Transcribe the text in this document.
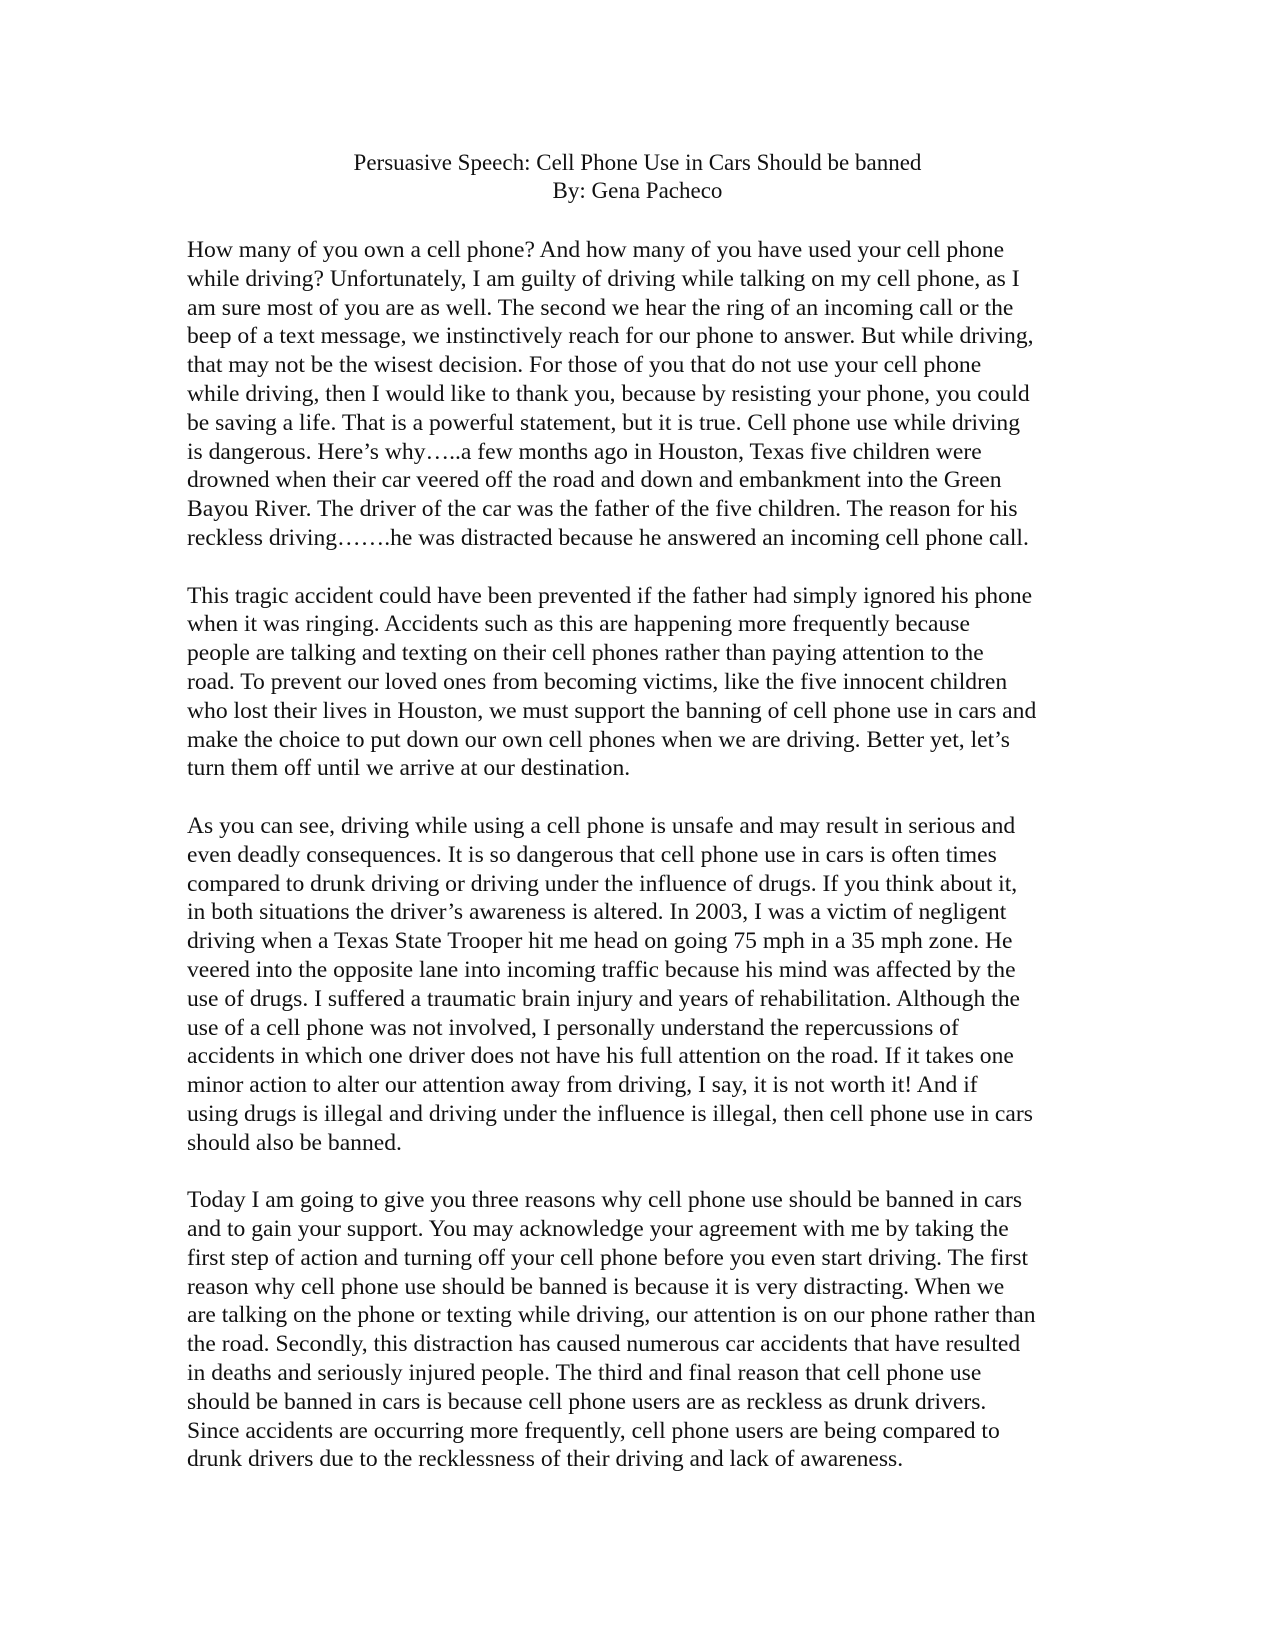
Persuasive Speech: Cell Phone Use in Cars Should be banned
By: Gena Pacheco
How many of you own a cell phone? And how many of you have used your cell phone
while driving? Unfortunately, I am guilty of driving while talking on my cell phone, as I
am sure most of you are as well. The second we hear the ring of an incoming call or the
beep of a text message, we instinctively reach for our phone to answer. But while driving,
that may not be the wisest decision. For those of you that do not use your cell phone
while driving, then I would like to thank you, because by resisting your phone, you could
be saving a life. That is a powerful statement, but it is true. Cell phone use while driving
is dangerous. Here’s why…..a few months ago in Houston, Texas five children were
drowned when their car veered off the road and down and embankment into the Green
Bayou River. The driver of the car was the father of the five children. The reason for his
reckless driving…….he was distracted because he answered an incoming cell phone call.
This tragic accident could have been prevented if the father had simply ignored his phone
when it was ringing. Accidents such as this are happening more frequently because
people are talking and texting on their cell phones rather than paying attention to the
road. To prevent our loved ones from becoming victims, like the five innocent children
who lost their lives in Houston, we must support the banning of cell phone use in cars and
make the choice to put down our own cell phones when we are driving. Better yet, let’s
turn them off until we arrive at our destination.
As you can see, driving while using a cell phone is unsafe and may result in serious and
even deadly consequences. It is so dangerous that cell phone use in cars is often times
compared to drunk driving or driving under the influence of drugs. If you think about it,
in both situations the driver’s awareness is altered. In 2003, I was a victim of negligent
driving when a Texas State Trooper hit me head on going 75 mph in a 35 mph zone. He
veered into the opposite lane into incoming traffic because his mind was affected by the
use of drugs. I suffered a traumatic brain injury and years of rehabilitation. Although the
use of a cell phone was not involved, I personally understand the repercussions of
accidents in which one driver does not have his full attention on the road. If it takes one
minor action to alter our attention away from driving, I say, it is not worth it! And if
using drugs is illegal and driving under the influence is illegal, then cell phone use in cars
should also be banned.
Today I am going to give you three reasons why cell phone use should be banned in cars
and to gain your support. You may acknowledge your agreement with me by taking the
first step of action and turning off your cell phone before you even start driving. The first
reason why cell phone use should be banned is because it is very distracting. When we
are talking on the phone or texting while driving, our attention is on our phone rather than
the road. Secondly, this distraction has caused numerous car accidents that have resulted
in deaths and seriously injured people. The third and final reason that cell phone use
should be banned in cars is because cell phone users are as reckless as drunk drivers.
Since accidents are occurring more frequently, cell phone users are being compared to
drunk drivers due to the recklessness of their driving and lack of awareness.
